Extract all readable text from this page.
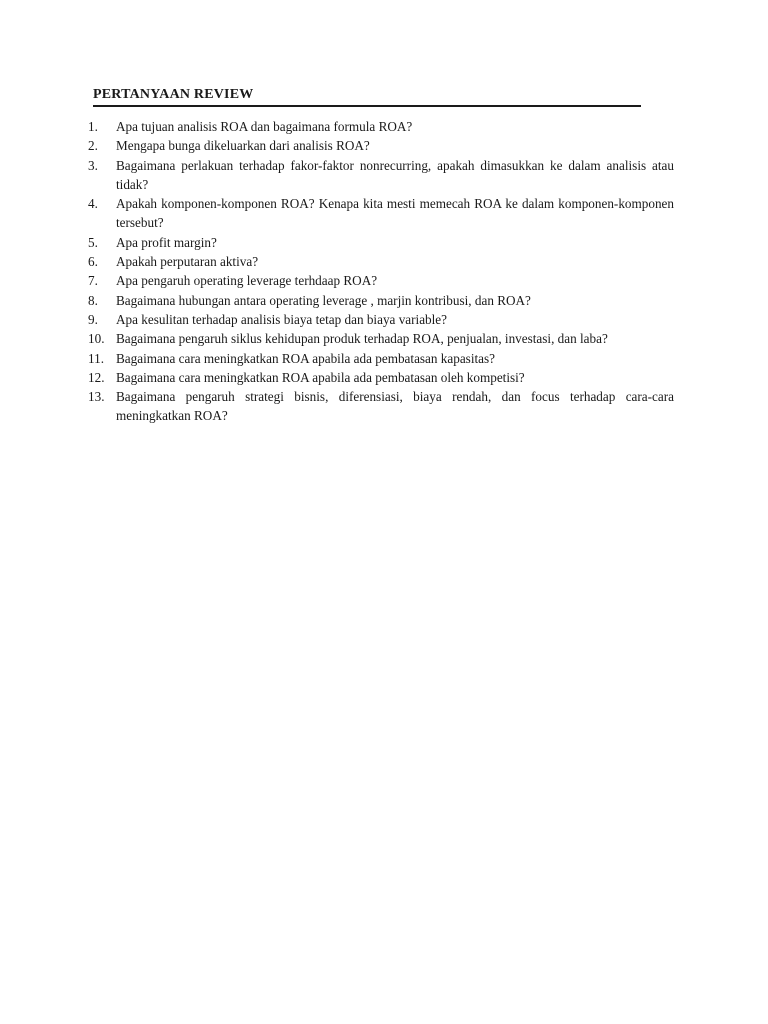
PERTANYAAN REVIEW
1.	Apa tujuan analisis ROA dan bagaimana formula ROA?
2.	Mengapa bunga dikeluarkan dari analisis ROA?
3.	Bagaimana perlakuan terhadap fakor-faktor nonrecurring, apakah dimasukkan ke dalam analisis atau tidak?
4.	Apakah komponen-komponen ROA? Kenapa kita mesti memecah ROA ke dalam komponen-komponen tersebut?
5.	Apa profit margin?
6.	Apakah perputaran aktiva?
7.	Apa pengaruh operating leverage terhdaap ROA?
8.	Bagaimana hubungan antara operating leverage , marjin kontribusi, dan ROA?
9.	Apa kesulitan terhadap analisis biaya tetap dan biaya variable?
10. Bagaimana pengaruh siklus kehidupan produk terhadap ROA, penjualan, investasi, dan laba?
11. Bagaimana cara meningkatkan ROA apabila ada pembatasan kapasitas?
12. Bagaimana cara meningkatkan ROA apabila ada pembatasan oleh kompetisi?
13. Bagaimana pengaruh strategi bisnis, diferensiasi, biaya rendah, dan focus terhadap cara-cara meningkatkan ROA?
